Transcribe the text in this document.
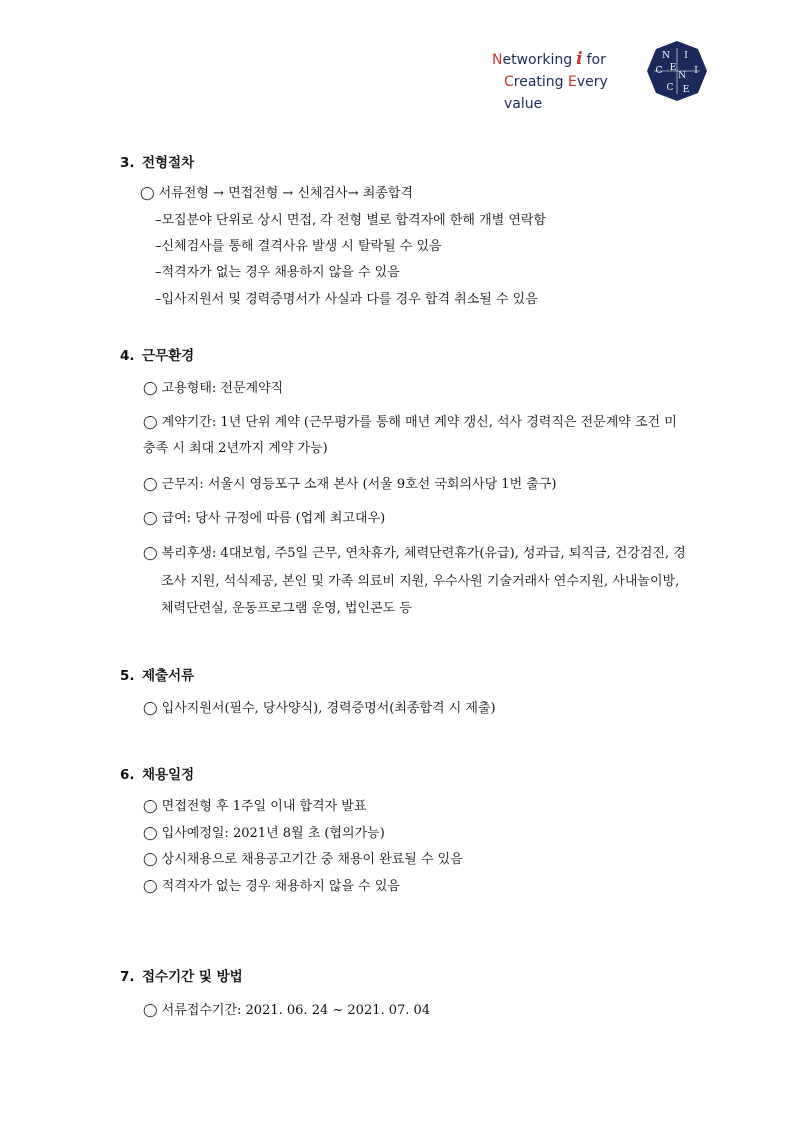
Networking i for
Creating Every value
N I
C E
N I
C E
3. 전형절차
◯ 서류전형 → 면접전형 → 신체검사→ 최종합격
–모집분야 단위로 상시 면접, 각 전형 별로 합격자에 한해 개별 연락함
–신체검사를 통해 결격사유 발생 시 탈락될 수 있음
–적격자가 없는 경우 채용하지 않을 수 있음
–입사지원서 및 경력증명서가 사실과 다를 경우 합격 취소될 수 있음
4. 근무환경
◯ 고용형태: 전문계약직
◯ 계약기간: 1년 단위 계약 (근무평가를 통해 매년 계약 갱신, 석사 경력직은 전문계약 조건 미
충족 시 최대 2년까지 계약 가능)
◯ 근무지: 서울시 영등포구 소재 본사 (서울 9호선 국회의사당 1번 출구)
◯ 급여: 당사 규정에 따름 (업계 최고대우)
◯ 복리후생: 4대보험, 주5일 근무, 연차휴가, 체력단련휴가(유급), 성과급, 퇴직금, 건강검진, 경
조사 지원, 석식제공, 본인 및 가족 의료비 지원, 우수사원 기술거래사 연수지원, 사내놀이방,
체력단련실, 운동프로그램 운영, 법인콘도 등
5. 제출서류
◯ 입사지원서(필수, 당사양식), 경력증명서(최종합격 시 제출)
6. 채용일정
◯ 면접전형 후 1주일 이내 합격자 발표
◯ 입사예정일: 2021년 8월 초 (협의가능)
◯ 상시채용으로 채용공고기간 중 채용이 완료될 수 있음
◯ 적격자가 없는 경우 채용하지 않을 수 있음
7. 접수기간 및 방법
◯ 서류접수기간: 2021. 06. 24 ~ 2021. 07. 04
